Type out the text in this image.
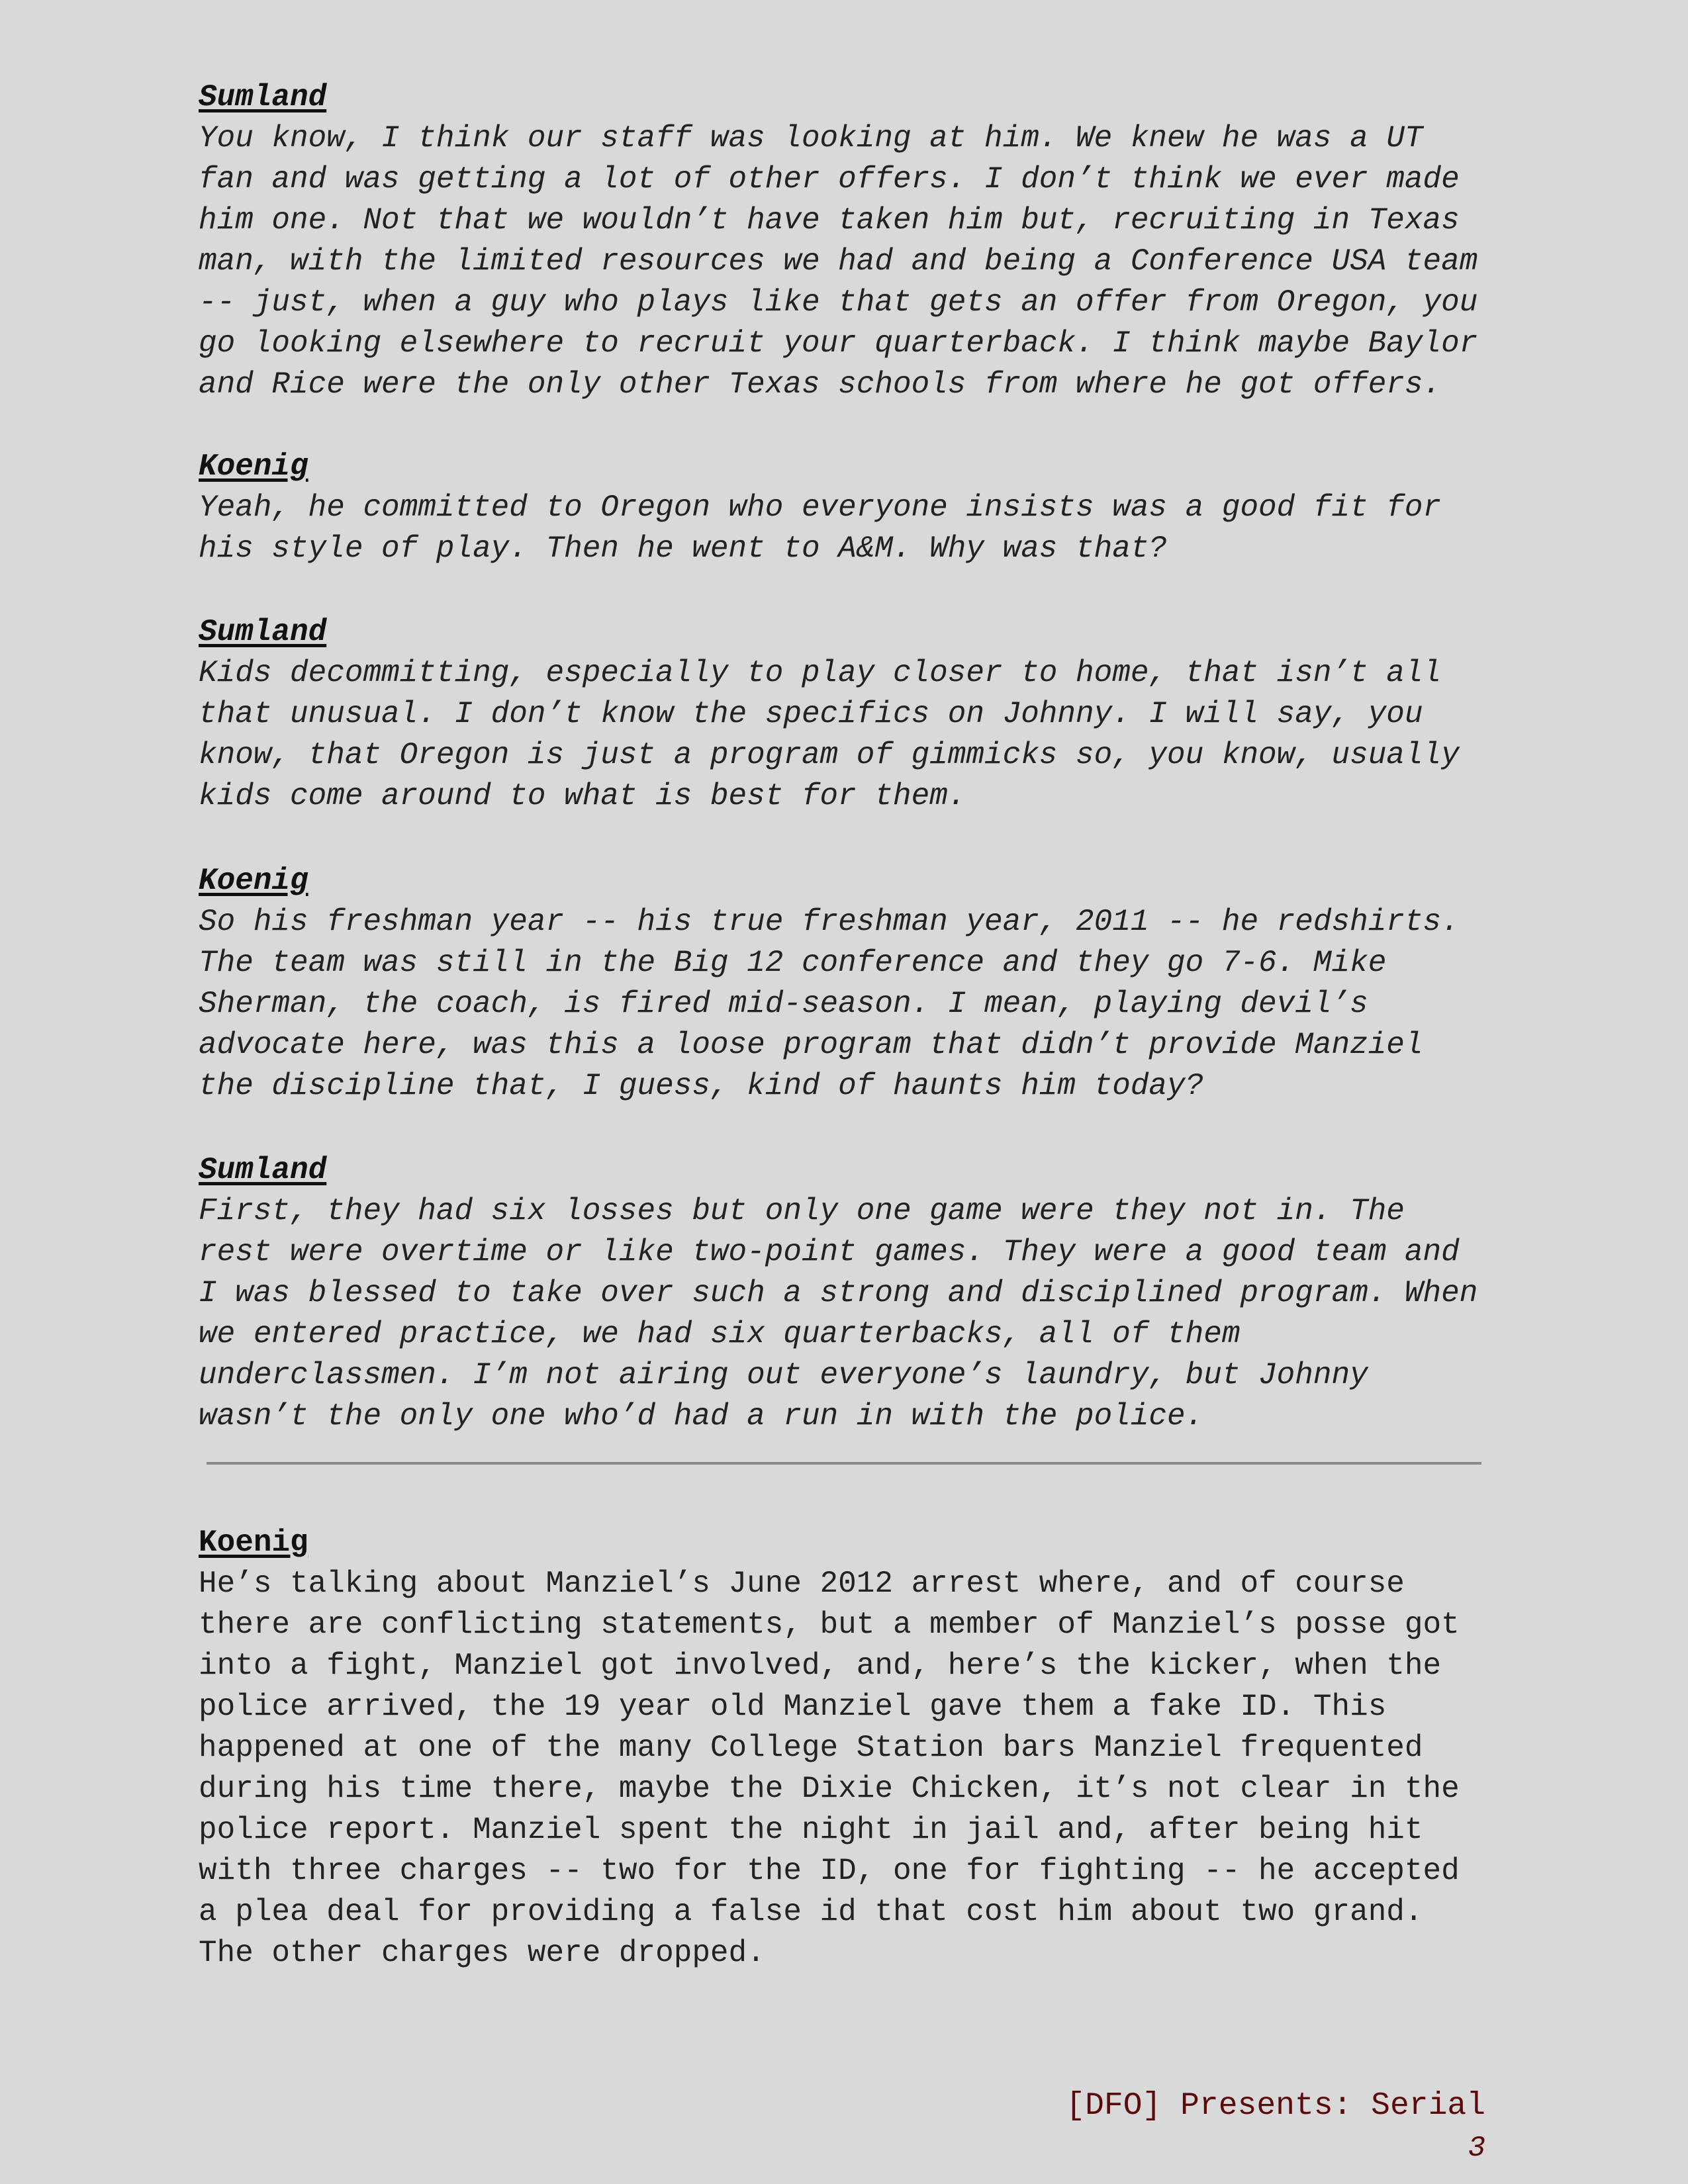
Sumland
You know, I think our staff was looking at him. We knew he was a UT
fan and was getting a lot of other offers. I don’t think we ever made
him one. Not that we wouldn’t have taken him but, recruiting in Texas
man, with the limited resources we had and being a Conference USA team
-- just, when a guy who plays like that gets an offer from Oregon, you
go looking elsewhere to recruit your quarterback. I think maybe Baylor
and Rice were the only other Texas schools from where he got offers.
Koenig
Yeah, he committed to Oregon who everyone insists was a good fit for
his style of play. Then he went to A&M. Why was that?
Sumland
Kids decommitting, especially to play closer to home, that isn’t all
that unusual. I don’t know the specifics on Johnny. I will say, you
know, that Oregon is just a program of gimmicks so, you know, usually
kids come around to what is best for them.
Koenig
So his freshman year -- his true freshman year, 2011 -- he redshirts.
The team was still in the Big 12 conference and they go 7-6. Mike
Sherman, the coach, is fired mid-season. I mean, playing devil’s
advocate here, was this a loose program that didn’t provide Manziel
the discipline that, I guess, kind of haunts him today?
Sumland
First, they had six losses but only one game were they not in. The
rest were overtime or like two-point games. They were a good team and
I was blessed to take over such a strong and disciplined program. When
we entered practice, we had six quarterbacks, all of them
underclassmen. I’m not airing out everyone’s laundry, but Johnny
wasn’t the only one who’d had a run in with the police.
Koenig
He’s talking about Manziel’s June 2012 arrest where, and of course
there are conflicting statements, but a member of Manziel’s posse got
into a fight, Manziel got involved, and, here’s the kicker, when the
police arrived, the 19 year old Manziel gave them a fake ID. This
happened at one of the many College Station bars Manziel frequented
during his time there, maybe the Dixie Chicken, it’s not clear in the
police report. Manziel spent the night in jail and, after being hit
with three charges -- two for the ID, one for fighting -- he accepted
a plea deal for providing a false id that cost him about two grand.
The other charges were dropped.
[DFO] Presents: Serial
3
